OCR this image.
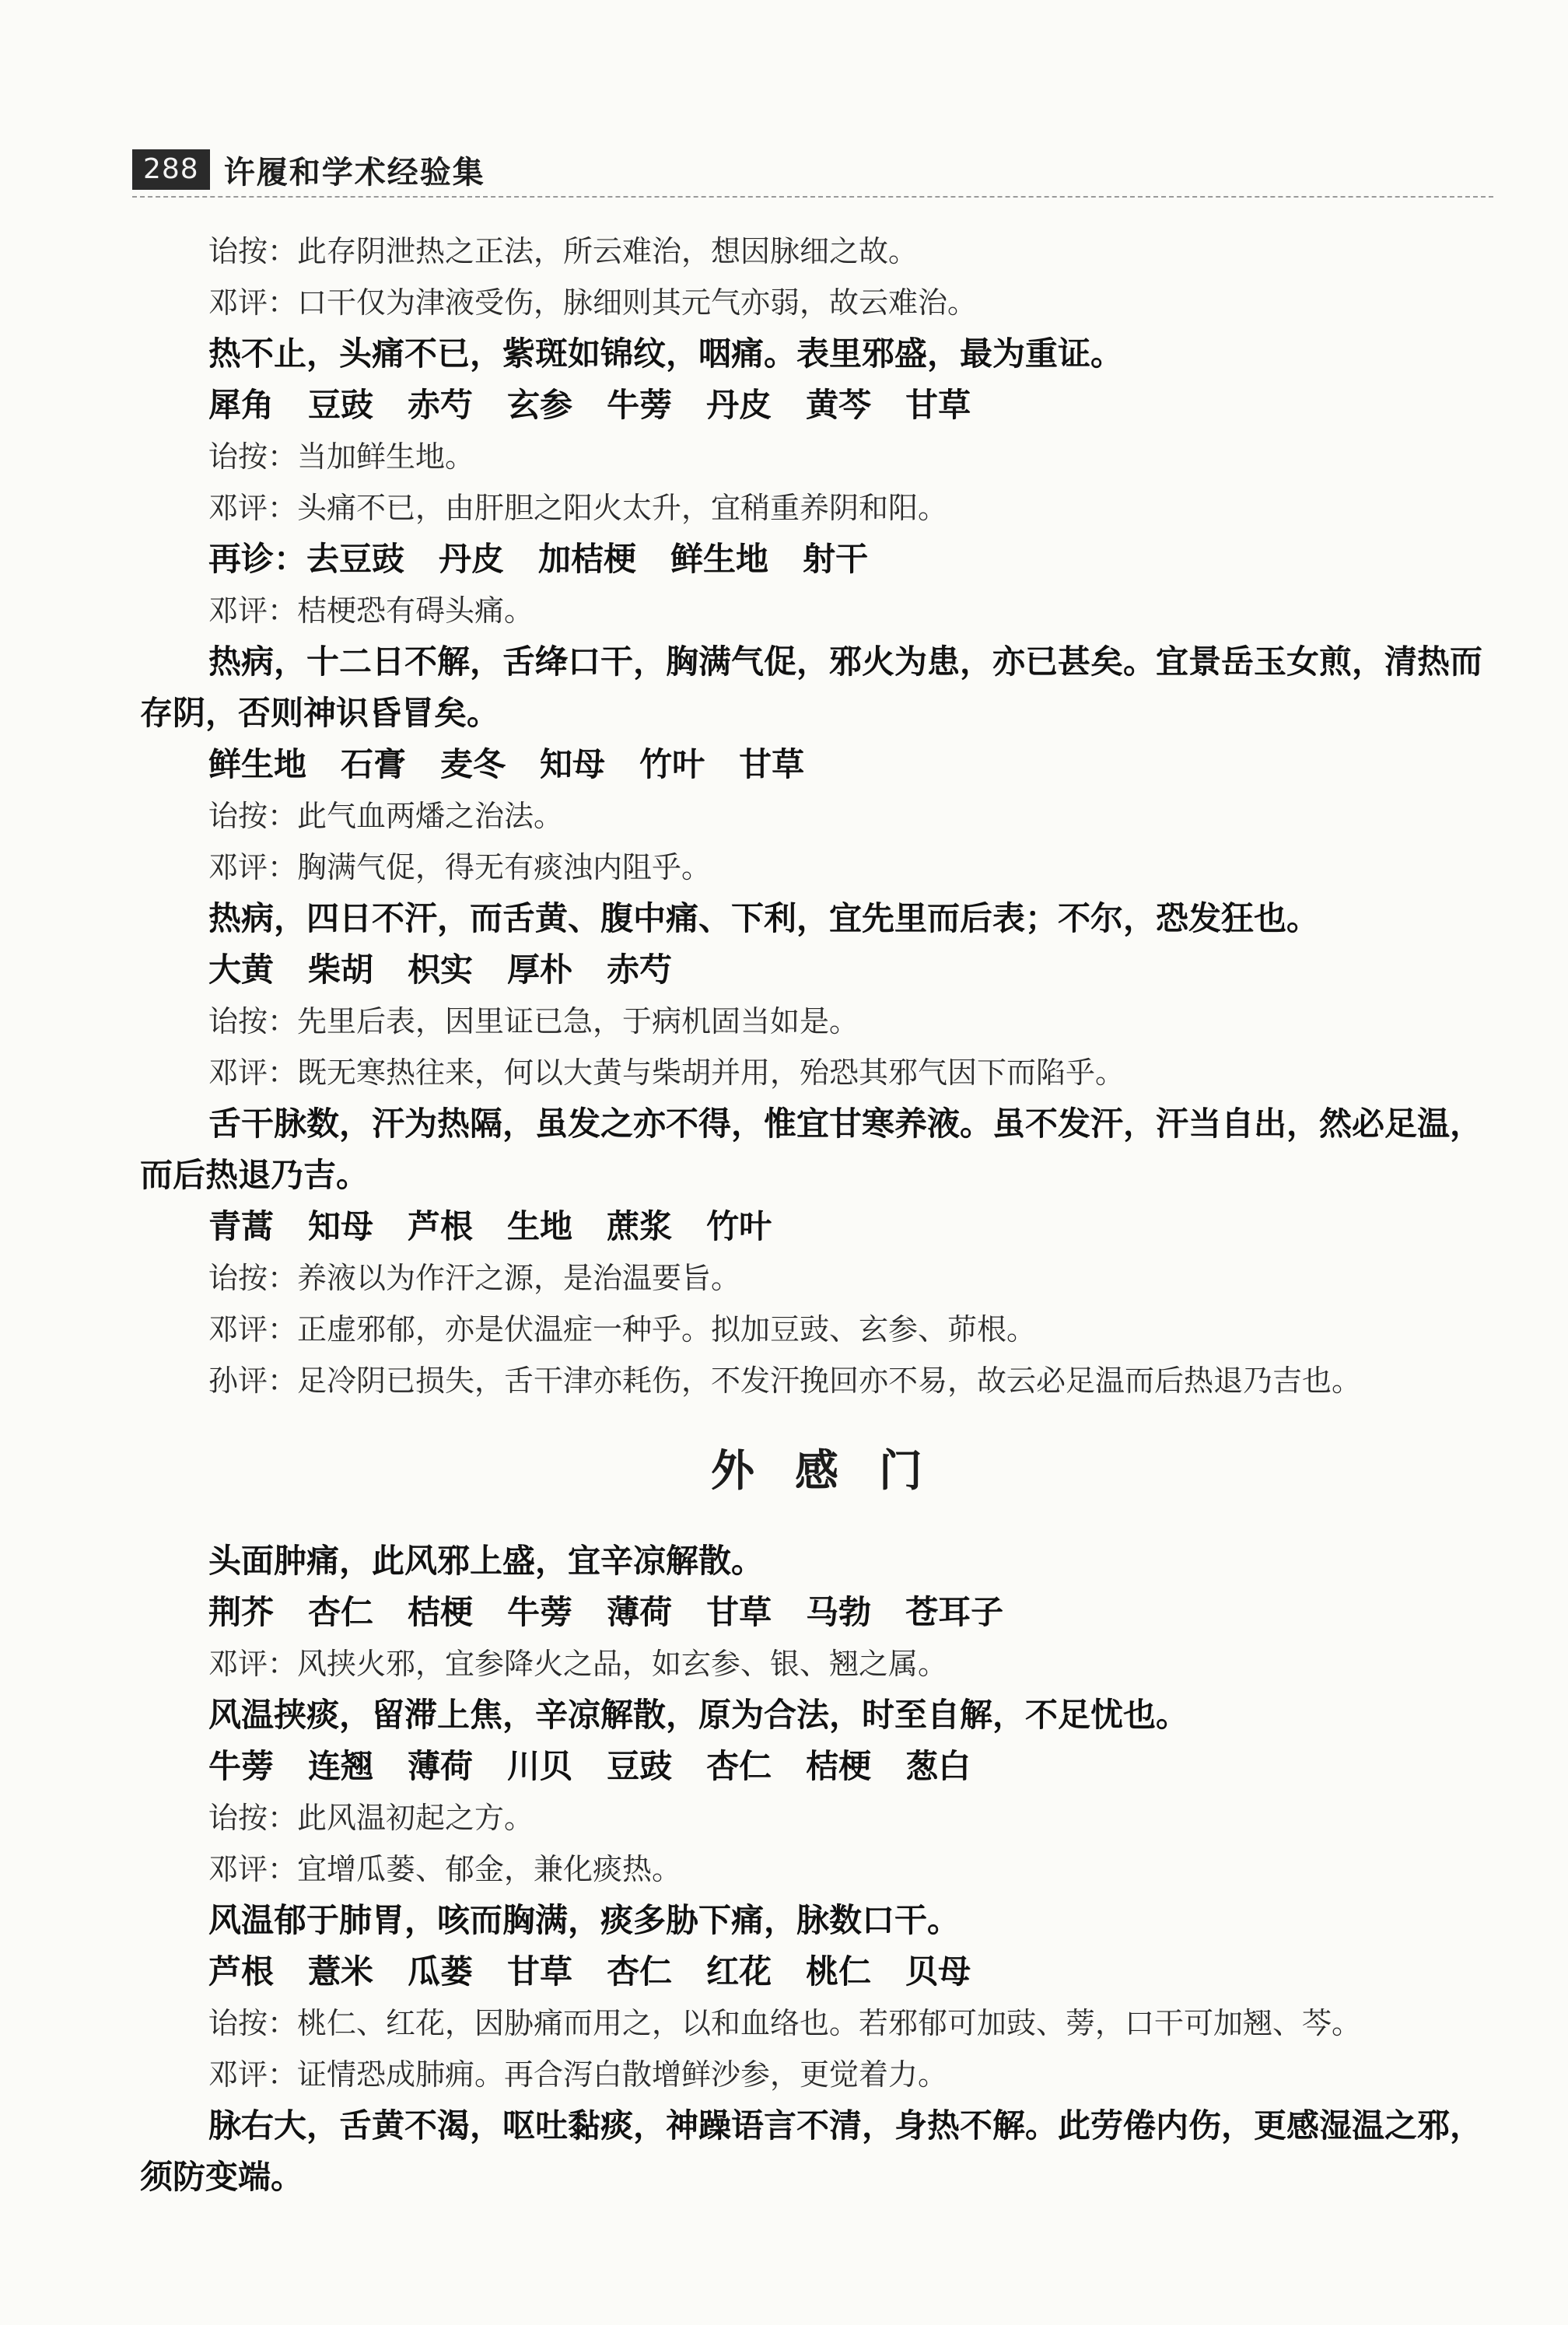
288 许履和学术经验集

诒按：此存阴泄热之正法，所云难治，想因脉细之故。

邓评：口干仅为津液受伤，脉细则其元气亦弱，故云难治。

热不止，头痛不已，紫斑如锦纹，咽痛。表里邪盛，最为重证。

犀角 豆豉 赤芍 玄参 牛蒡 丹皮 黄芩 甘草

诒按：当加鲜生地。

邓评：头痛不已，由肝胆之阳火太升，宜稍重养阴和阳。

再诊：去豆豉 丹皮 加桔梗 鲜生地 射干

邓评：桔梗恐有碍头痛。

热病，十二日不解，舌绛口干，胸满气促，邪火为患，亦已甚矣。宜景岳玉女煎，清热而存阴，否则神识昏冒矣。

鲜生地 石膏 麦冬 知母 竹叶 甘草

诒按：此气血两燔之治法。

邓评：胸满气促，得无有痰浊内阻乎。

热病，四日不汗，而舌黄、腹中痛、下利，宜先里而后表；不尔，恐发狂也。

大黄 柴胡 枳实 厚朴 赤芍

诒按：先里后表，因里证已急，于病机固当如是。

邓评：既无寒热往来，何以大黄与柴胡并用，殆恐其邪气因下而陷乎。

舌干脉数，汗为热隔，虽发之亦不得，惟宜甘寒养液。虽不发汗，汗当自出，然必足温，而后热退乃吉。

青蒿 知母 芦根 生地 蔗浆 竹叶

诒按：养液以为作汗之源，是治温要旨。

邓评：正虚邪郁，亦是伏温症一种乎。拟加豆豉、玄参、茆根。

孙评：足冷阴已损失，舌干津亦耗伤，不发汗挽回亦不易，故云必足温而后热退乃吉也。

外感门

头面肿痛，此风邪上盛，宜辛凉解散。

荆芥 杏仁 桔梗 牛蒡 薄荷 甘草 马勃 苍耳子

邓评：风挟火邪，宜参降火之品，如玄参、银、翘之属。

风温挟痰，留滞上焦，辛凉解散，原为合法，时至自解，不足忧也。

牛蒡 连翘 薄荷 川贝 豆豉 杏仁 桔梗 葱白

诒按：此风温初起之方。

邓评：宜增瓜蒌、郁金，兼化痰热。

风温郁于肺胃，咳而胸满，痰多胁下痛，脉数口干。

芦根 薏米 瓜蒌 甘草 杏仁 红花 桃仁 贝母

诒按：桃仁、红花，因胁痛而用之，以和血络也。若邪郁可加豉、蒡，口干可加翘、芩。

邓评：证情恐成肺痈。再合泻白散增鲜沙参，更觉着力。

脉右大，舌黄不渴，呕吐黏痰，神躁语言不清，身热不解。此劳倦内伤，更感湿温之邪，须防变端。
